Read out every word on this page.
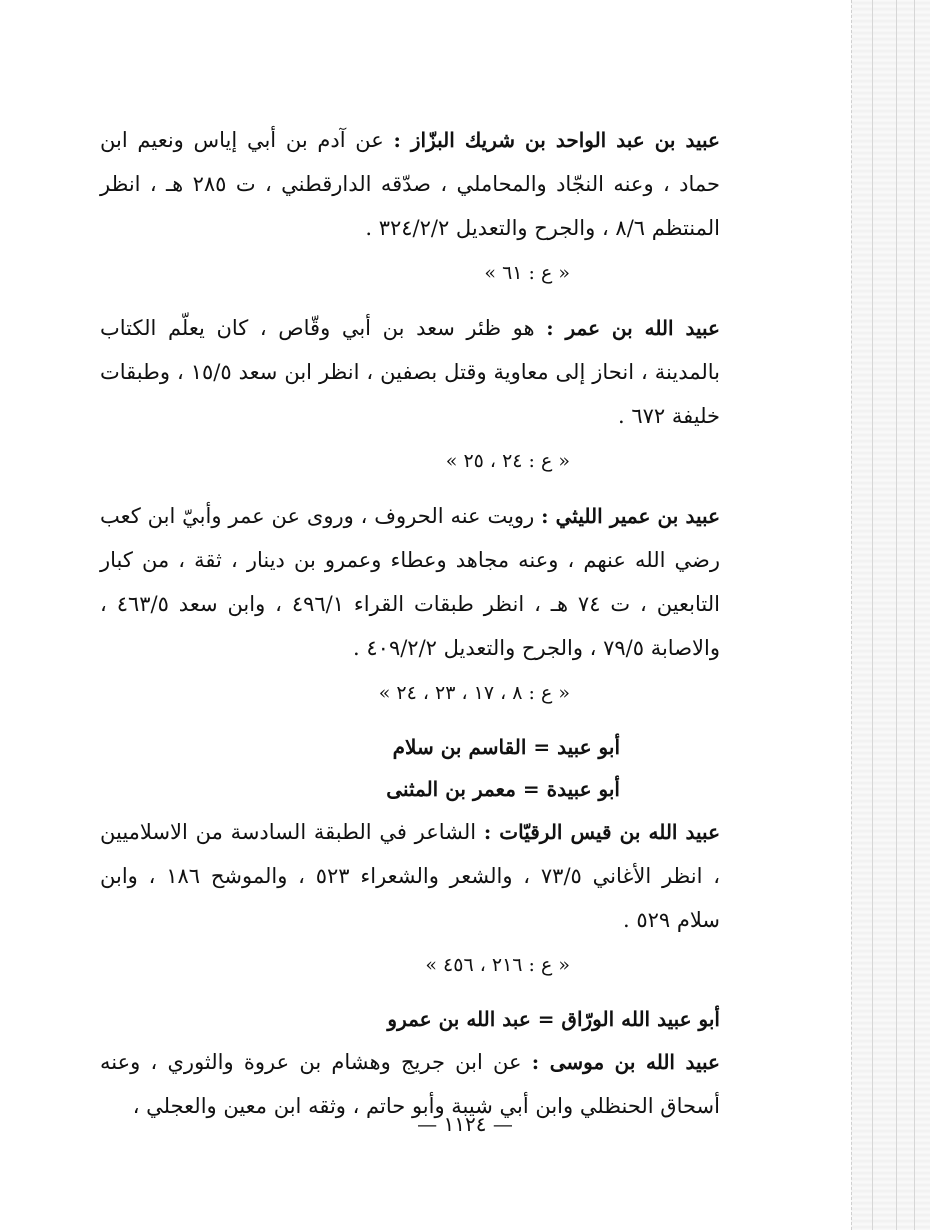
عبيد بن عبد الواحد بن شريك البزّاز : عن آدم بن أبي إياس ونعيم ابن حماد ، وعنه النجّاد والمحاملي ، صدّقه الدارقطني ، ت ٢٨٥ هـ ، انظر المنتظم ٨/٦ ، والجرح والتعديل ٣٢٤/٢/٢ .
« ع : ٦١ »
عبيد الله بن عمر : هو ظئر سعد بن أبي وقّاص ، كان يعلّم الكتاب بالمدينة ، انحاز إلى معاوية وقتل بصفين ، انظر ابن سعد ١٥/٥ ، وطبقات خليفة ٦٧٢ .
« ع : ٢٤ ، ٢٥ »
عبيد بن عمير الليثي : رويت عنه الحروف ، وروى عن عمر وأبيّ ابن كعب رضي الله عنهم ، وعنه مجاهد وعطاء وعمرو بن دينار ، ثقة ، من كبار التابعين ، ت ٧٤ هـ ، انظر طبقات القراء ٤٩٦/١ ، وابن سعد ٤٦٣/٥ ، والاصابة ٧٩/٥ ، والجرح والتعديل ٤٠٩/٢/٢ .
« ع : ٨ ، ١٧ ، ٢٣ ، ٢٤ »
أبو عبيد = القاسم بن سلام
أبو عبيدة = معمر بن المثنى
عبيد الله بن قيس الرقيّات : الشاعر في الطبقة السادسة من الاسلاميين ، انظر الأغاني ٧٣/٥ ، والشعر والشعراء ٥٢٣ ، والموشح ١٨٦ ، وابن سلام ٥٢٩ .
« ع : ٢١٦ ، ٤٥٦ »
أبو عبيد الله الورّاق = عبد الله بن عمرو
عبيد الله بن موسى : عن ابن جريج وهشام بن عروة والثوري ، وعنه أسحاق الحنظلي وابن أبي شيبة وأبو حاتم ، وثقه ابن معين والعجلي ،
— ١١٢٤ —
